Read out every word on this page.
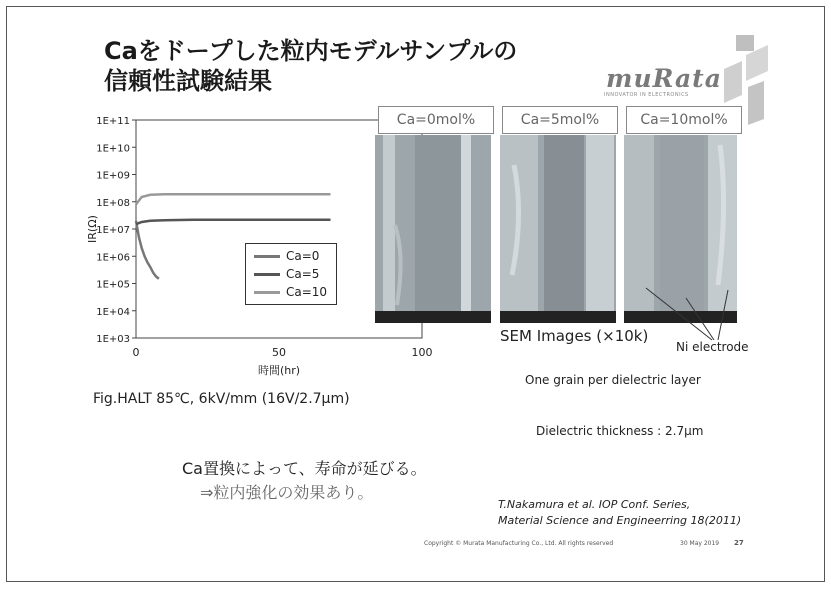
Caをドープした粒内モデルサンプルの
信頼性試験結果	muRata
INNOVATOR IN ELECTRONICS
1E+03
1E+04
1E+05
1E+06
1E+07
1E+08
1E+09
1E+10
1E+11
0	50	100
時間(hr)
IR(Ω)
Ca=0
Ca=5
Ca=10
Ca=0mol%	Ca=5mol%	Ca=10mol%
SEM Images (×10k)
Ni electrode
One grain per dielectric layer
Fig.HALT 85℃, 6kV/mm (16V/2.7μm)
Dielectric thickness : 2.7μm
Ca置換によって、寿命が延びる。
⇒粒内強化の効果あり。
T.Nakamura et al. IOP Conf. Series,
Material Science and Engineerring 18(2011)
Copyright © Murata Manufacturing Co., Ltd. All rights reserved	30 May 2019 27
